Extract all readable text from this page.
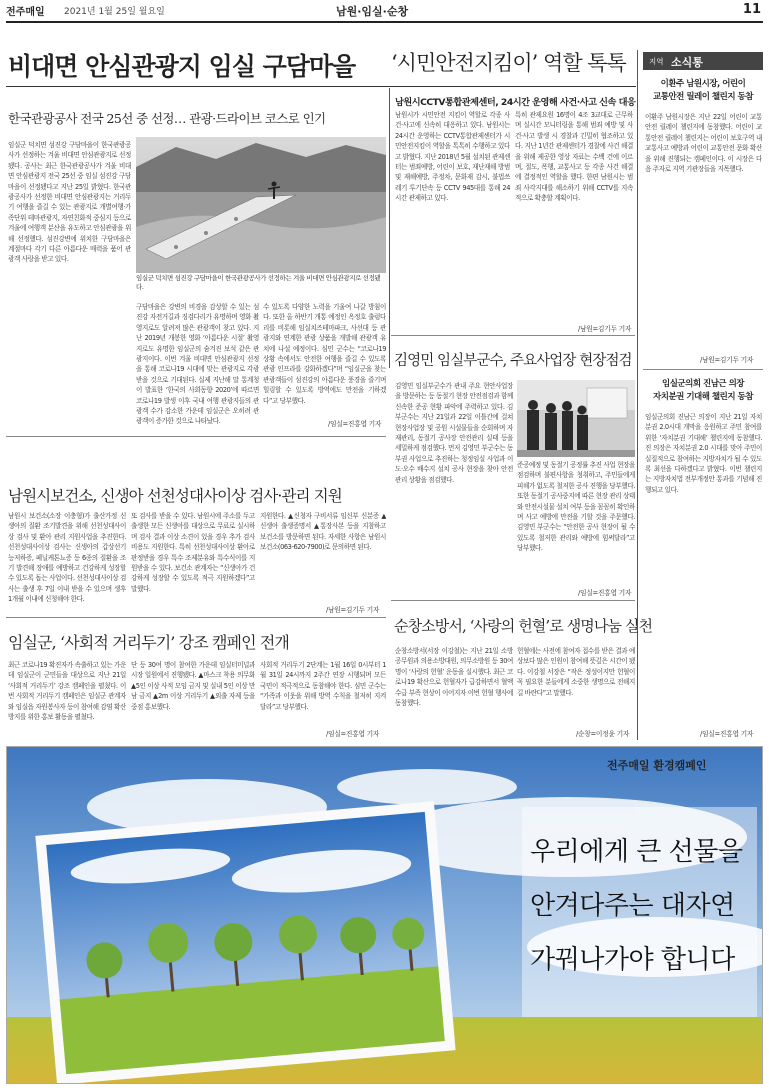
전주매일 2021년 1월 25일 월요일	남원·임실·순창	11
비대면 안심관광지 임실 구담마을 ‘시민안전지킴이’ 역할 톡톡
한국관광공사 전국 25선 중 선정… 관광·드라이브 코스로 인기
남원시CCTV통합관제센터, 24시간 운영해 사건·사고 신속 대응
임실군 덕치면 섬진강 구담마을이 한국관광공사가 선정하는 겨울 비대면 안심관광지로 선정됐다.
임실군 덕치면 섬진강 구담마을이 한국관광공사가 선정하는 겨울 비대면 안심관광지로 선정됐다. 공사는 최근 한국관광공사가 겨울 비대면 안심관광지 전국 25선 중 임실 섬진강 구담마을이 선정됐다고 지난 25일 밝혔다. 한국관광공사가 선정한 비대면 안심관광지는 거리두기 여행을 즐길 수 있는 관광지로 개별여행·가족단위 테마관광지, 자연친화적 중심지 등으로 겨울에 여행객 분산을 유도하고 안심관광을 위해 선정했다. 섬진강변에 위치한 구담마을은 계절마다 각기 다른 아름다운 매력을 품어 관광객 사랑을 받고 있다.
구담마을은 강변의 비경을 감상할 수 있는 섬진강 자전거길과 징검다리가 유명하며 영화 촬영지로도 알려져 많은 관광객이 찾고 있다. 지난 2019년 개봉한 영화 ‘아름다운 시절’ 촬영지로도 유명한 임실군의 숨겨진 보석 같은 관광지이다. 이번 겨울 비대면 안심관광지 선정을 통해 코로나19 시대에 맞는 관광지로 각광받을 것으로 기대된다. 실제 지난해 말 통계청이 발표한 ‘한국의 사회동향 2020’에 따르면 코로나19 발생 이후 국내 여행 관광지들의 관광객 수가 감소한 가운데 임실군은 오히려 관광객이 증가한 것으로 나타났다.
수 있도록 다양한 노력을 기울여 나갈 방침이다. 또한 올 하반기 개통 예정인 옥정호 출렁다리를 비롯해 임실치즈테마파크, 사선대 등 관광지와 연계한 관광 상품을 개발해 관광객 유치에 나설 예정이다. 심민 군수는 “코로나19 상황 속에서도 안전한 여행을 즐길 수 있도록 관광 인프라를 강화하겠다”며 “임실군을 찾는 관광객들이 섬진강의 아름다운 풍경을 즐기며 힐링할 수 있도록 방역에도 만전을 기하겠다”고 당부했다.
/임실=진홍엽 기자
남원시가 시민안전 지킴이 역할로 각종 사건·사고에 신속히 대응하고 있다. 남원시는 24시간 운영하는 CCTV통합관제센터가 시민안전지킴이 역할을 톡톡히 수행하고 있다고 밝혔다. 지난 2018년 5월 설치된 관제센터는 범죄예방, 어린이 보호, 재난재해 방범 및 재해예방, 주정차, 문화재 감시, 불법쓰레기 투기단속 등 CCTV 945대를 통해 24시간 관제하고 있다.
특히 관제요원 16명이 4조 3교대로 근무하며 실시간 모니터링을 통해 범죄 예방 및 사건·사고 발생 시 경찰과 긴밀히 협조하고 있다. 지난 1년간 관제센터가 경찰에 사건 해결을 위해 제공한 영상 자료는 수백 건에 이르며, 절도, 폭행, 교통사고 등 각종 사건 해결에 결정적인 역할을 했다. 한편 남원시는 범죄 사각지대를 해소하기 위해 CCTV를 지속적으로 확충할 계획이다.
/남원=김기두 기자
김영민 임실부군수, 주요사업장 현장점검
김영민 임실부군수가 관내 주요 현안사업장을 방문하는 등 동절기 현장 안전점검과 함께 신속한 준공 현황 파악에 주력하고 있다. 김 부군수는 지난 21일과 22일 이틀간에 걸쳐 현장사업장 및 공원 시설물들을 순회하며 자재관리, 동절기 공사장 안전관리 실태 등을 세밀하게 점검했다. 먼저 김영민 부군수는 동부권 사업으로 추진하는 청정임실 사업과 이도·오수 배수지 설치 공사 현장을 찾아 안전관리 상황을 점검했다.
준공예정 및 동절기 공정률 추진 사업 현장을 점검하며 불편사항을 청취하고, 주민들에게 피해가 없도록 철저한 공사 진행을 당부했다. 또한 동절기 공사중지에 따른 현장 관리 상태와 안전시설물 설치 여부 등을 꼼꼼히 확인하며 사고 예방에 만전을 기할 것을 주문했다. 김영민 부군수는 “안전한 공사 현장이 될 수 있도록 철저한 관리와 예방에 힘써달라”고 당부했다.
/임실=진홍엽 기자
남원시보건소, 신생아 선천성대사이상 검사·관리 지원
남원시 보건소(소장 이충형)가 출산가정 신생아의 질환 조기발견을 위해 선천성대사이상 검사 및 환아 관리 지원사업을 추진한다. 선천성대사이상 검사는 신생아의 갑상선기능저하증, 페닐케톤뇨증 등 6종의 질환을 조기 발견해 장애를 예방하고 건강하게 성장할 수 있도록 돕는 사업이다. 선천성대사이상 검사는 출생 후 7일 이내 받을 수 있으며 생후 1개월 이내에 신청해야 한다.
또 검사를 받을 수 있다. 남원시에 주소를 두고 출생한 모든 신생아를 대상으로 무료로 실시하며 검사 결과 이상 소견이 있을 경우 추가 검사 비용도 지원한다. 특히 선천성대사이상 환아로 판정받을 경우 특수 조제분유와 특수식이를 지원받을 수 있다. 보건소 관계자는 “신생아가 건강하게 성장할 수 있도록 적극 지원하겠다”고 말했다.
지원한다. ▲신청자 구비서류 임신부 신분증 ▲신생아 출생증명서 ▲통장사본 등을 지참하고 보건소를 방문하면 된다. 자세한 사항은 남원시보건소(063-620-7900)로 문의하면 된다.
/남원=김기두 기자
임실군, ‘사회적 거리두기’ 강조 캠페인 전개
최근 코로나19 확진자가 속출하고 있는 가운데 임실군이 군민들을 대상으로 지난 21일 ‘사회적 거리두기’ 강조 캠페인을 펼쳤다. 이번 사회적 거리두기 캠페인은 임실군 관계자와 임실읍 자원봉사자 등이 참여해 감염 확산 방지를 위한 홍보 활동을 펼쳤다.
단 등 30여 명이 참여한 가운데 임실터미널과 시장 일원에서 진행됐다. ▲마스크 착용 의무화 ▲5인 이상 사적 모임 금지 및 실내 5인 이상 만남 금지 ▲2m 이상 거리두기 ▲외출 자제 등을 중점 홍보했다.
사회적 거리두기 2단계는 1월 16일 0시부터 1월 31일 24시까지 2주간 연장 시행되며 모든 국민이 적극적으로 동참해야 한다. 심민 군수는 “가족과 이웃을 위해 방역 수칙을 철저히 지켜달라”고 당부했다.
/임실=진홍엽 기자
순창소방서, ‘사랑의 헌혈’로 생명나눔 실천
순창소방서(서장 이강철)는 지난 21일 소방공무원과 의용소방대원, 의무소방원 등 30여명이 ‘사랑의 헌혈’ 운동을 실시했다. 최근 코로나19 확산으로 헌혈자가 급감하면서 혈액 수급 부족 현상이 이어지자 이번 헌혈 행사에 동참했다.
헌혈에는 사전에 참여자 접수를 받은 결과 예상보다 많은 인원이 참여해 뜻깊은 시간이 됐다. 이강철 서장은 “작은 정성이지만 헌혈이 꼭 필요한 분들에게 소중한 생명으로 전해지길 바란다”고 말했다.
/순창=이정윤 기자
지역 소식통
이환주 남원시장, 어린이
교통안전 릴레이 챌린지 동참
이환주 남원시장은 지난 22일 어린이 교통안전 릴레이 챌린지에 동참했다. 어린이 교통안전 릴레이 챌린지는 어린이 보호구역 내 교통사고 예방과 어린이 교통안전 문화 확산을 위해 진행되는 캠페인이다. 이 시장은 다음 주자로 지역 기관장들을 지목했다.
/남원=김기두 기자
임실군의회 진남근 의장
자치분권 기대해 챌린지 동참
임실군의회 진남근 의장이 지난 21일 자치분권 2.0시대 개막을 응원하고 주민 참여를 위한 ‘자치분권 기대해’ 챌린지에 동참했다. 진 의장은 자치분권 2.0 시대를 맞아 주민이 실질적으로 참여하는 지방자치가 될 수 있도록 최선을 다하겠다고 밝혔다. 이번 챌린지는 지방자치법 전부개정안 통과를 기념해 진행되고 있다.
/임실=진홍엽 기자
전주매일 환경캠페인
우리에게 큰 선물을
안겨다주는 대자연
가꿔나가야 합니다
